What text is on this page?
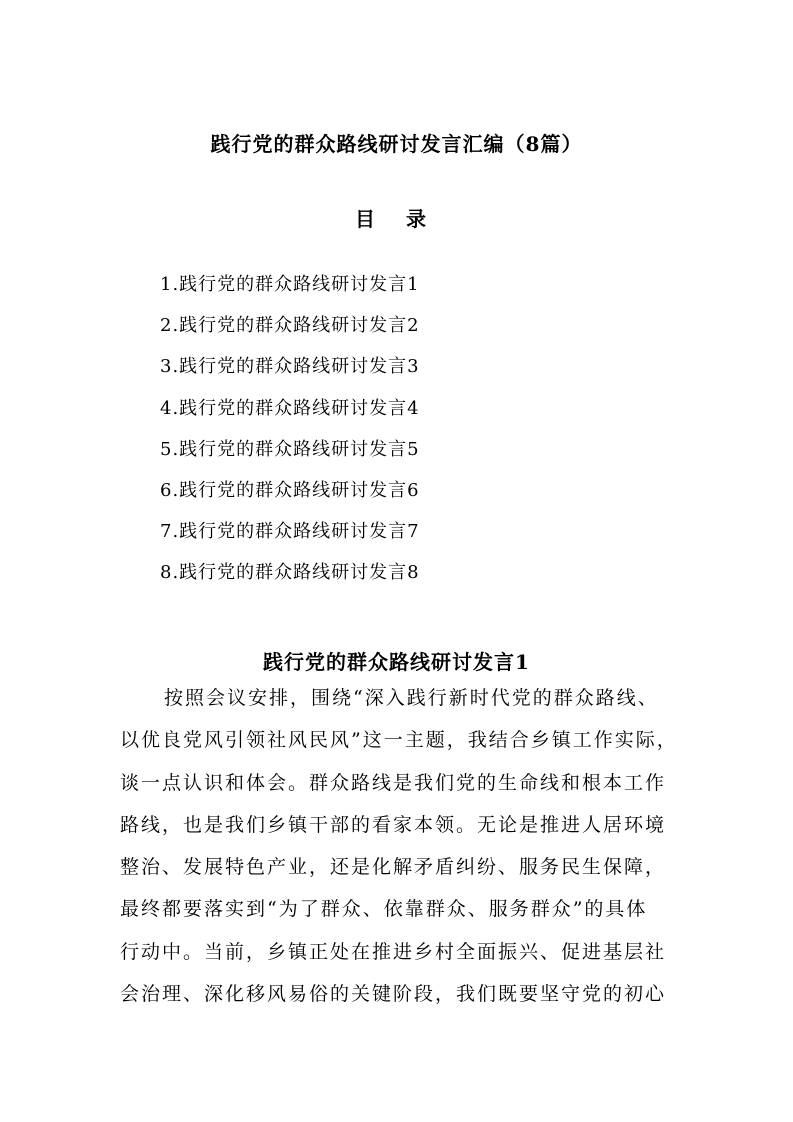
践行党的群众路线研讨发言汇编（8篇）
目 录
1.践行党的群众路线研讨发言1
2.践行党的群众路线研讨发言2
3.践行党的群众路线研讨发言3
4.践行党的群众路线研讨发言4
5.践行党的群众路线研讨发言5
6.践行党的群众路线研讨发言6
7.践行党的群众路线研讨发言7
8.践行党的群众路线研讨发言8
践行党的群众路线研讨发言1
按照会议安排，围绕“深入践行新时代党的群众路线、
以优良党风引领社风民风”这一主题，我结合乡镇工作实际，
谈一点认识和体会。群众路线是我们党的生命线和根本工作
路线，也是我们乡镇干部的看家本领。无论是推进人居环境
整治、发展特色产业，还是化解矛盾纠纷、服务民生保障，
最终都要落实到“为了群众、依靠群众、服务群众”的具体
行动中。当前，乡镇正处在推进乡村全面振兴、促进基层社
会治理、深化移风易俗的关键阶段，我们既要坚守党的初心
